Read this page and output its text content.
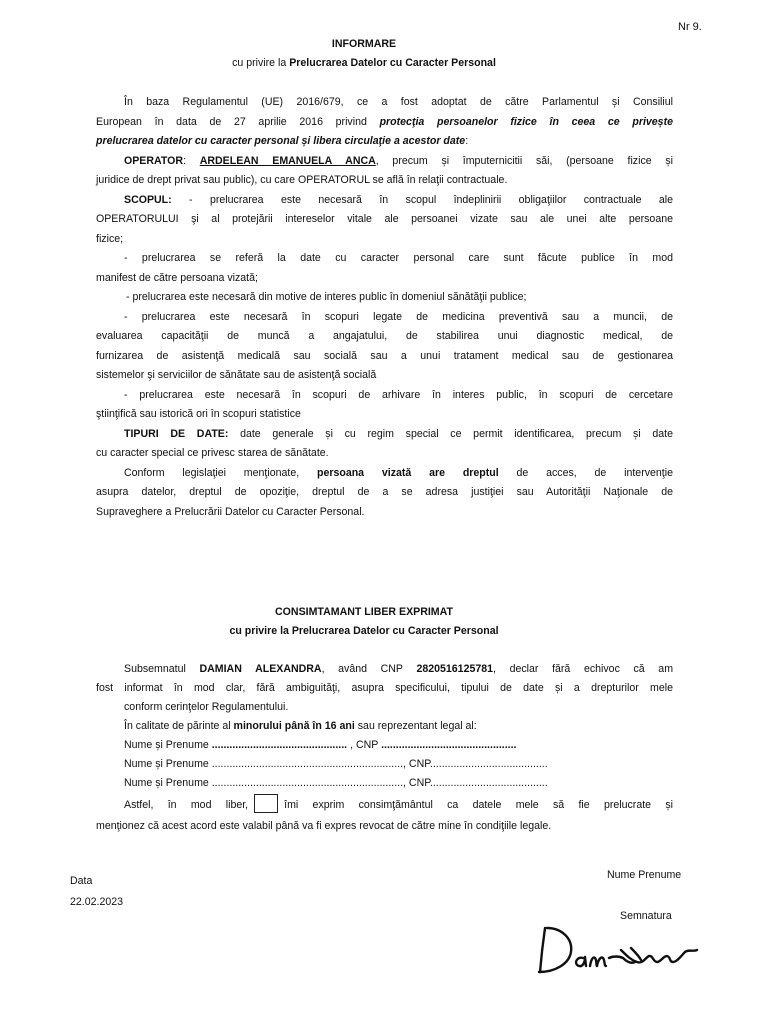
Nr 9.
INFORMARE
cu privire la Prelucrarea Datelor cu Caracter Personal
În baza Regulamentul (UE) 2016/679, ce a fost adoptat de către Parlamentul și Consiliul
European în data de 27 aprilie 2016 privind protecţia persoanelor fizice în ceea ce privește
prelucrarea datelor cu caracter personal și libera circulaţie a acestor date:
OPERATOR: ARDELEAN EMANUELA ANCA, precum și împuternicitii săi, (persoane fizice și
juridice de drept privat sau public), cu care OPERATORUL se află în relaţii contractuale.
SCOPUL: - prelucrarea este necesară în scopul îndeplinirii obligaţiilor contractuale ale
OPERATORULUI şi al protejării intereselor vitale ale persoanei vizate sau ale unei alte persoane
fizice;
- prelucrarea se referă la date cu caracter personal care sunt făcute publice în mod
manifest de către persoana vizată;
- prelucrarea este necesară din motive de interes public în domeniul sănătăţii publice;
- prelucrarea este necesară în scopuri legate de medicina preventivă sau a muncii, de
evaluarea capacităţii de muncă a angajatului, de stabilirea unui diagnostic medical, de
furnizarea de asistenţă medicală sau socială sau a unui tratament medical sau de gestionarea
sistemelor şi serviciilor de sănătate sau de asistenţă socială
- prelucrarea este necesară în scopuri de arhivare în interes public, în scopuri de cercetare
ştiinţifică sau istorică ori în scopuri statistice
TIPURI DE DATE: date generale și cu regim special ce permit identificarea, precum și date
cu caracter special ce privesc starea de sănătate.
Conform legislaţiei menţionate, persoana vizată are dreptul de acces, de intervenţie
asupra datelor, dreptul de opoziţie, dreptul de a se adresa justiţiei sau Autorităţii Naţionale de
Supraveghere a Prelucrării Datelor cu Caracter Personal.
CONSIMTAMANT LIBER EXPRIMAT
cu privire la Prelucrarea Datelor cu Caracter Personal
Subsemnatul DAMIAN ALEXANDRA, având CNP 2820516125781, declar fără echivoc că am
fost informat în mod clar, fără ambiguităţi, asupra specificului, tipului de date și a drepturilor mele
conform cerinţelor Regulamentului.
În calitate de părinte al minorului până în 16 ani sau reprezentant legal al:
Nume și Prenume .............................................. , CNP ..............................................
Nume și Prenume ................................................................., CNP........................................
Nume și Prenume ................................................................., CNP........................................
Astfel, în mod liber,	îmi exprim consimţământul ca datele mele să fie prelucrate și
menţionez că acest acord este valabil până va fi expres revocat de către mine în condiţiile legale.
Data
22.02.2023
Nume Prenume
Semnatura
